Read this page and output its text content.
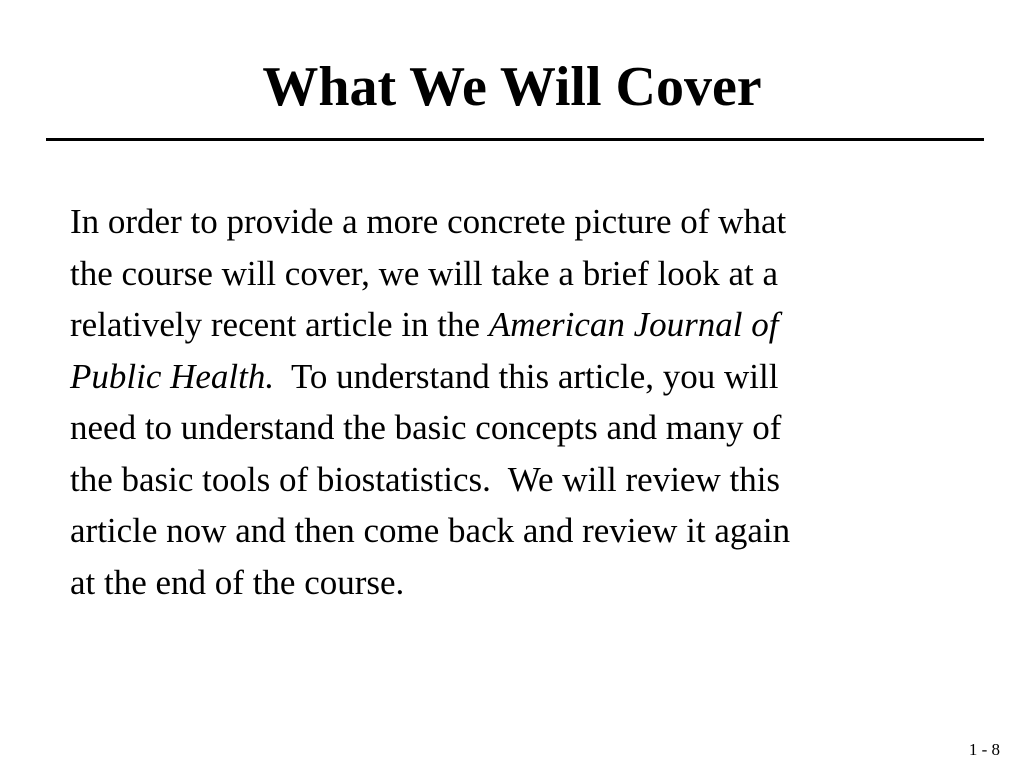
What We Will Cover

In order to provide a more concrete picture of what
the course will cover, we will take a brief look at a
relatively recent article in the American Journal of
Public Health.  To understand this article, you will
need to understand the basic concepts and many of
the basic tools of biostatistics.  We will review this
article now and then come back and review it again
at the end of the course.

1 - 8
